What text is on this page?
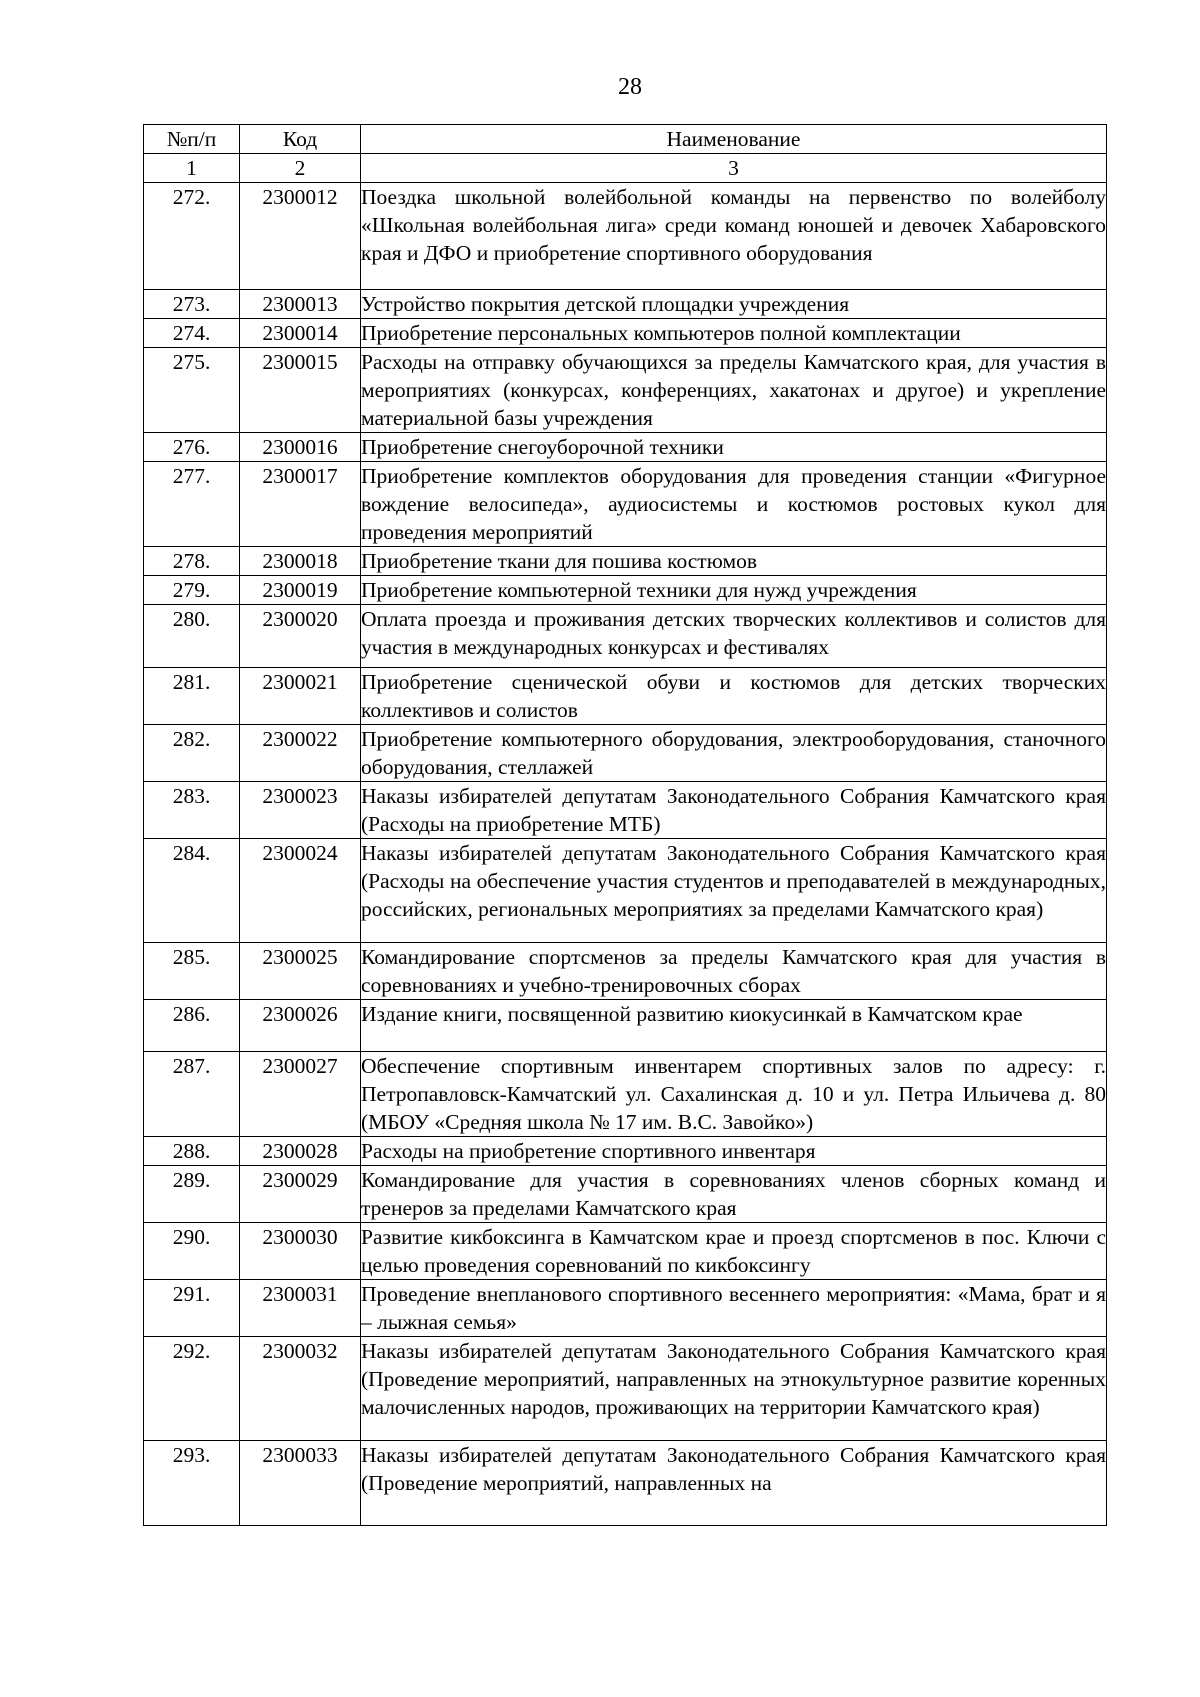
28
№п/п	Код	Наименование
1	2	3
272.	2300012	Поездка школьной волейбольной команды на первенство по волейболу «Школьная волейбольная лига» среди команд юношей и девочек Хабаровского края и ДФО и приобретение спортивного оборудования
273.	2300013	Устройство покрытия детской площадки учреждения
274.	2300014	Приобретение персональных компьютеров полной комплектации
275.	2300015	Расходы на отправку обучающихся за пределы Камчатского края, для участия в мероприятиях (конкурсах, конференциях, хакатонах и другое) и укрепление материальной базы учреждения
276.	2300016	Приобретение снегоуборочной техники
277.	2300017	Приобретение комплектов оборудования для проведения станции «Фигурное вождение велосипеда», аудиосистемы и костюмов ростовых кукол для проведения мероприятий
278.	2300018	Приобретение ткани для пошива костюмов
279.	2300019	Приобретение компьютерной техники для нужд учреждения
280.	2300020	Оплата проезда и проживания детских творческих коллективов и солистов для участия в международных конкурсах и фестивалях
281.	2300021	Приобретение сценической обуви и костюмов для детских творческих коллективов и солистов
282.	2300022	Приобретение компьютерного оборудования, электрооборудования, станочного оборудования, стеллажей
283.	2300023	Наказы избирателей депутатам Законодательного Собрания Камчатского края (Расходы на приобретение МТБ)
284.	2300024	Наказы избирателей депутатам Законодательного Собрания Камчатского края (Расходы на обеспечение участия студентов и преподавателей в международных, российских, региональных мероприятиях за пределами Камчатского края)
285.	2300025	Командирование спортсменов за пределы Камчатского края для участия в соревнованиях и учебно-тренировочных сборах
286.	2300026	Издание книги, посвященной развитию киокусинкай в Камчатском крае
287.	2300027	Обеспечение спортивным инвентарем спортивных залов по адресу: г. Петропавловск-Камчатский ул. Сахалинская д. 10 и ул. Петра Ильичева д. 80 (МБОУ «Средняя школа № 17 им. В.С. Завойко»)
288.	2300028	Расходы на приобретение спортивного инвентаря
289.	2300029	Командирование для участия в соревнованиях членов сборных команд и тренеров за пределами Камчатского края
290.	2300030	Развитие кикбоксинга в Камчатском крае и проезд спортсменов в пос. Ключи с целью проведения соревнований по кикбоксингу
291.	2300031	Проведение внепланового спортивного весеннего мероприятия: «Мама, брат и я – лыжная семья»
292.	2300032	Наказы избирателей депутатам Законодательного Собрания Камчатского края (Проведение мероприятий, направленных на этнокультурное развитие коренных малочисленных народов, проживающих на территории Камчатского края)
293.	2300033	Наказы избирателей депутатам Законодательного Собрания Камчатского края (Проведение мероприятий, направленных на
